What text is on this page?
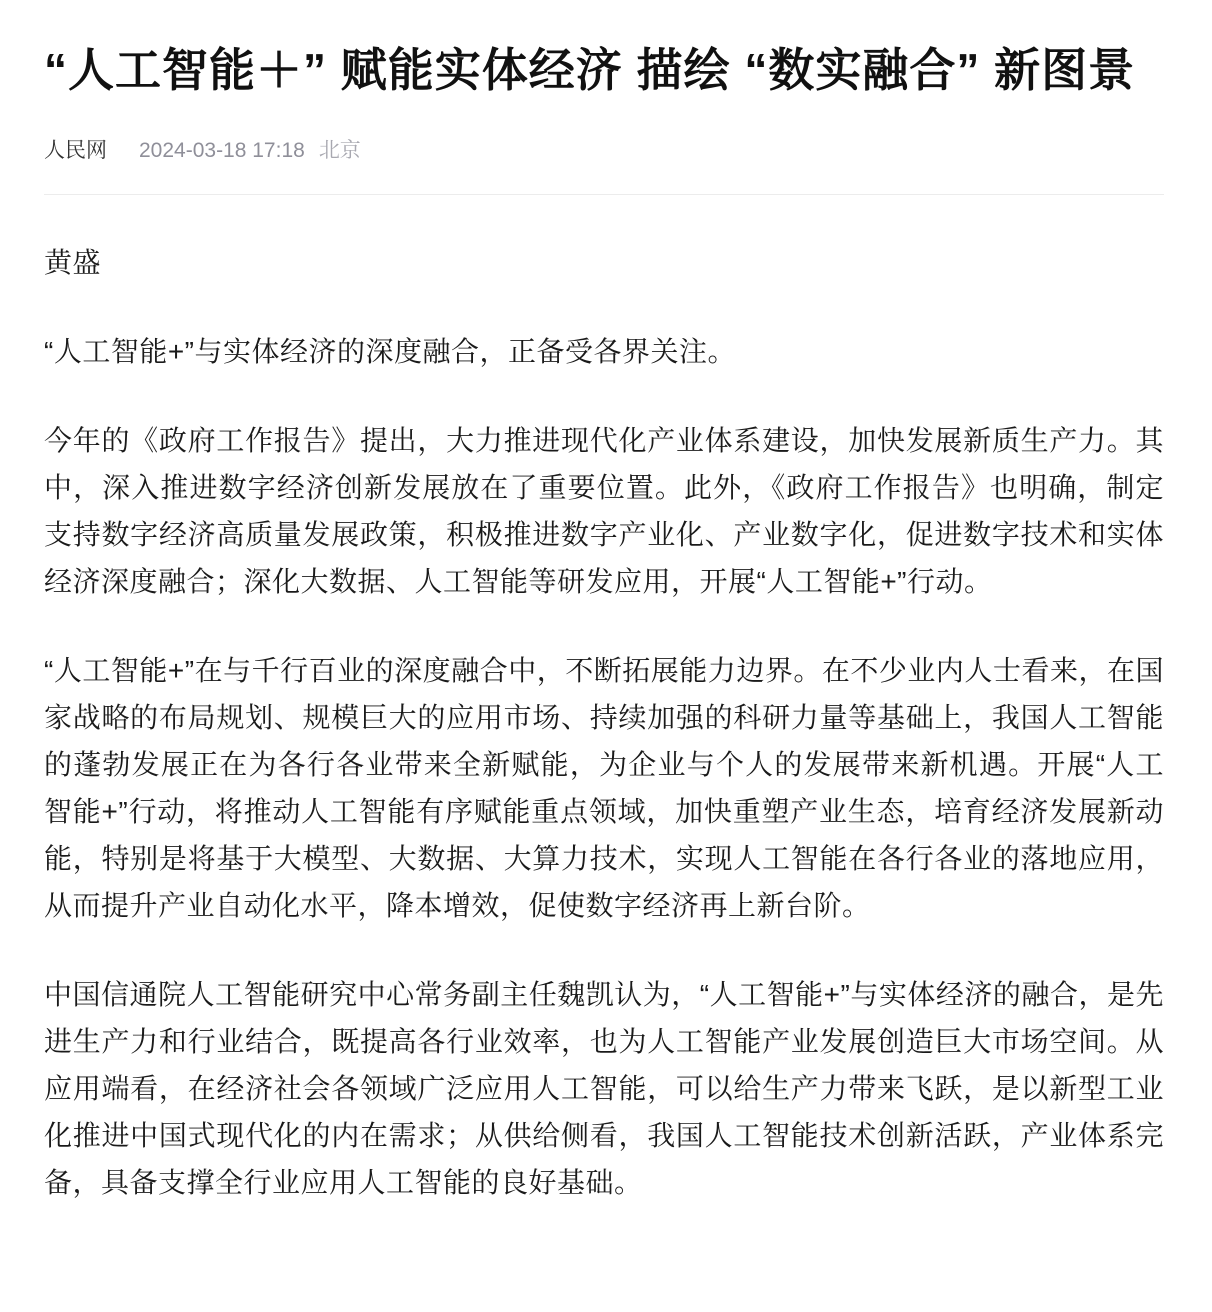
“人工智能＋” 赋能实体经济 描绘 “数实融合” 新图景
人民网 2024-03-18 17:18 北京

黄盛

“人工智能+”与实体经济的深度融合，正备受各界关注。

今年的《政府工作报告》提出，大力推进现代化产业体系建设，加快发展新质生产力。其中，深入推进数字经济创新发展放在了重要位置。此外，《政府工作报告》也明确，制定支持数字经济高质量发展政策，积极推进数字产业化、产业数字化，促进数字技术和实体经济深度融合；深化大数据、人工智能等研发应用，开展“人工智能+”行动。

“人工智能+”在与千行百业的深度融合中，不断拓展能力边界。在不少业内人士看来，在国家战略的布局规划、规模巨大的应用市场、持续加强的科研力量等基础上，我国人工智能的蓬勃发展正在为各行各业带来全新赋能，为企业与个人的发展带来新机遇。开展“人工智能+”行动，将推动人工智能有序赋能重点领域，加快重塑产业生态，培育经济发展新动能，特别是将基于大模型、大数据、大算力技术，实现人工智能在各行各业的落地应用，从而提升产业自动化水平，降本增效，促使数字经济再上新台阶。

中国信通院人工智能研究中心常务副主任魏凯认为，“人工智能+”与实体经济的融合，是先进生产力和行业结合，既提高各行业效率，也为人工智能产业发展创造巨大市场空间。从应用端看，在经济社会各领域广泛应用人工智能，可以给生产力带来飞跃，是以新型工业化推进中国式现代化的内在需求；从供给侧看，我国人工智能技术创新活跃，产业体系完备，具备支撑全行业应用人工智能的良好基础。
